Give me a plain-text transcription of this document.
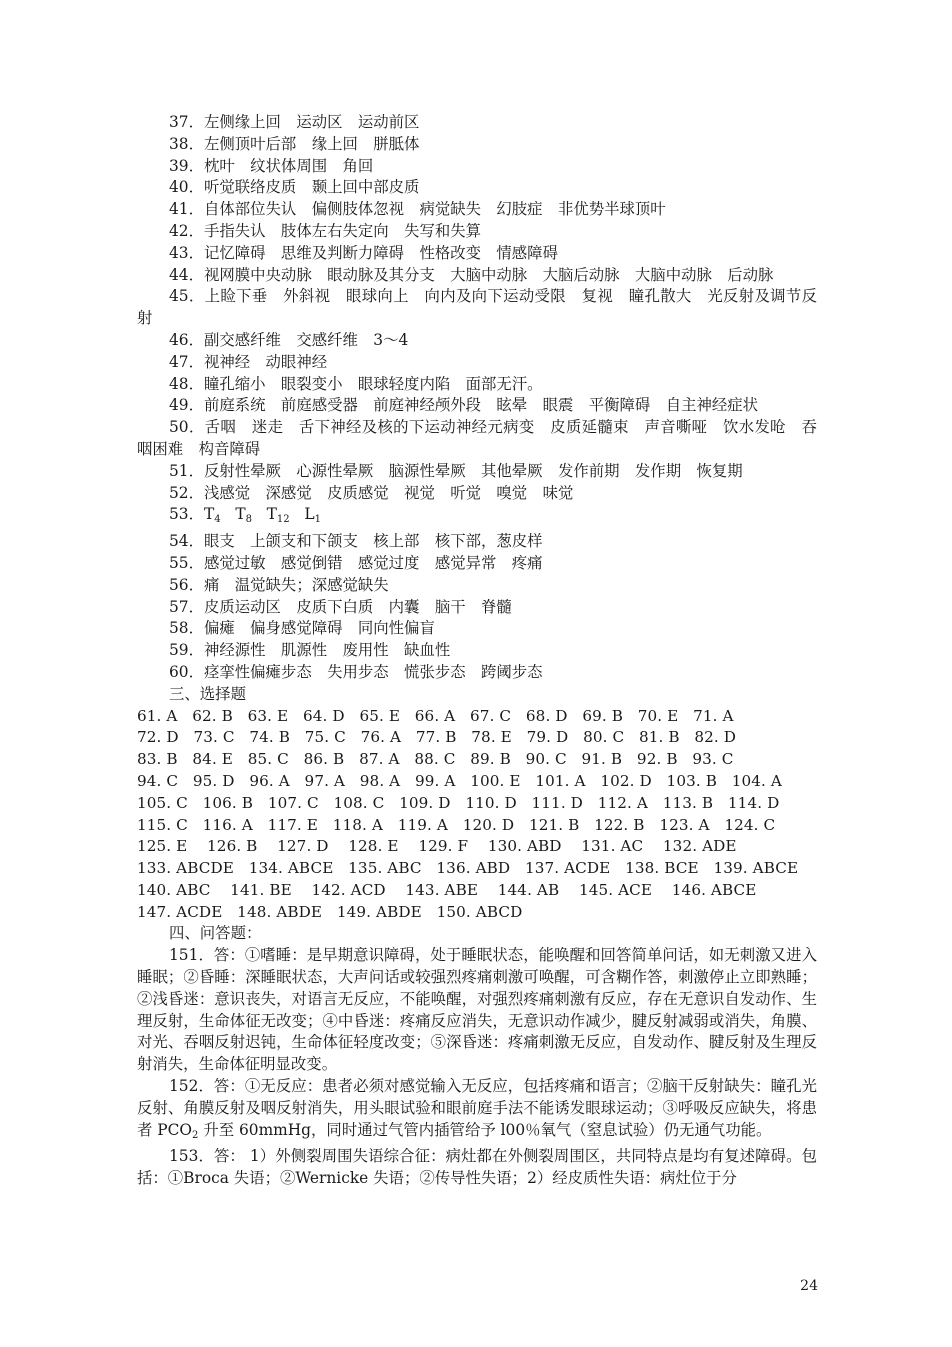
37．左侧缘上回　运动区　运动前区

38．左侧顶叶后部　缘上回　胼胝体

39．枕叶　纹状体周围　角回

40．听觉联络皮质　颞上回中部皮质

41．自体部位失认　偏侧肢体忽视　病觉缺失　幻肢症　非优势半球顶叶

42．手指失认　肢体左右失定向　失写和失算

43．记忆障碍　思维及判断力障碍　性格改变　情感障碍

44．视网膜中央动脉　眼动脉及其分支　大脑中动脉　大脑后动脉　大脑中动脉　后动脉

45．上睑下垂　外斜视　眼球向上　向内及向下运动受限　复视　瞳孔散大　光反射及调节反射

46．副交感纤维　交感纤维　3～4

47．视神经　动眼神经

48．瞳孔缩小　眼裂变小　眼球轻度内陷　面部无汗。

49．前庭系统　前庭感受器　前庭神经颅外段　眩晕　眼震　平衡障碍　自主神经症状

50．舌咽　迷走　舌下神经及核的下运动神经元病变　皮质延髓束　声音嘶哑　饮水发呛　吞咽困难　构音障碍

51．反射性晕厥　心源性晕厥　脑源性晕厥　其他晕厥　发作前期　发作期　恢复期

52．浅感觉　深感觉　皮质感觉　视觉　听觉　嗅觉　味觉

53．$T_4$ $T_8$ $T_{12}$ $L_1$

54．眼支　上颌支和下颌支　核上部　核下部，葱皮样

55．感觉过敏　感觉倒错　感觉过度　感觉异常　疼痛

56．痛　温觉缺失；深感觉缺失

57．皮质运动区　皮质下白质　内囊　脑干　脊髓

58．偏瘫　偏身感觉障碍　同向性偏盲

59．神经源性　肌源性　废用性　缺血性

60．痉挛性偏瘫步态　失用步态　慌张步态　跨阈步态

三、选择题

61. A   62. B   63. E   64. D   65. E   66. A   67. C   68. D   69. B   70. E   71. A

72. D   73. C   74. B   75. C   76. A   77. B   78. E   79. D   80. C   81. B   82. D

83. B   84. E   85. C   86. B   87. A   88. C   89. B   90. C   91. B   92. B   93. C

94. C   95. D   96. A   97. A   98. A   99. A   100. E   101. A   102. D   103. B   104. A

105. C   106. B   107. C   108. C   109. D   110. D   111. D   112. A   113. B   114. D

115. C   116. A   117. E   118. A   119. A   120. D   121. B   122. B   123. A   124. C

125. E    126. B    127. D    128. E    129. F    130. ABD    131. AC    132. ADE

133. ABCDE   134. ABCE   135. ABC   136. ABD   137. ACDE   138. BCE   139. ABCE

140. ABC    141. BE    142. ACD    143. ABE    144. AB    145. ACE    146. ABCE

147. ACDE   148. ABDE   149. ABDE   150. ABCD

四、问答题：

151．答：①嗜睡：是早期意识障碍，处于睡眠状态，能唤醒和回答简单问话，如无刺激又进入睡眠；②昏睡：深睡眠状态，大声问话或较强烈疼痛刺激可唤醒，可含糊作答，刺激停止立即熟睡；②浅昏迷：意识丧失，对语言无反应，不能唤醒，对强烈疼痛刺激有反应，存在无意识自发动作、生理反射，生命体征无改变；④中昏迷：疼痛反应消失，无意识动作减少，腱反射减弱或消失，角膜、对光、吞咽反射迟钝，生命体征轻度改变；⑤深昏迷：疼痛刺激无反应，自发动作、腱反射及生理反射消失，生命体征明显改变。

152．答：①无反应：患者必须对感觉输入无反应，包括疼痛和语言；②脑干反射缺失：瞳孔光反射、角膜反射及咽反射消失，用头眼试验和眼前庭手法不能诱发眼球运动；③呼吸反应缺失，将患者 $PCO_2$ 升至 60mmHg，同时通过气管内插管给予 l00％氧气（窒息试验）仍无通气功能。

153．答： 1）外侧裂周围失语综合征：病灶都在外侧裂周围区，共同特点是均有复述障碍。包括：①Broca 失语；②Wernicke 失语；②传导性失语；2）经皮质性失语：病灶位于分

24
